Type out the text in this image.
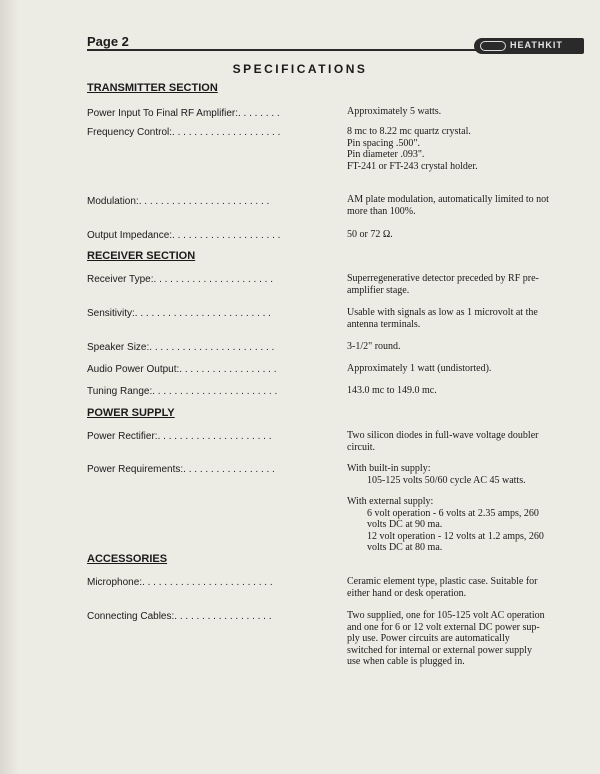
Page 2	HEATHKIT
SPECIFICATIONS
TRANSMITTER SECTION
Power Input To Final RF Amplifier:. . . . . . . .	Approximately 5 watts.
Frequency Control:. . . . . . . . . . . . . . . . . . . .	8 mc to 8.22 mc quartz crystal.
Pin spacing .500".
Pin diameter .093".
FT-241 or FT-243 crystal holder.
Modulation:. . . . . . . . . . . . . . . . . . . . . . . .	AM plate modulation, automatically limited to not
more than 100%.
Output Impedance:. . . . . . . . . . . . . . . . . . . .	50 or 72 Ω.
RECEIVER SECTION
Receiver Type:. . . . . . . . . . . . . . . . . . . . . .	Superregenerative detector preceded by RF pre-
amplifier stage.
Sensitivity:. . . . . . . . . . . . . . . . . . . . . . . . .	Usable with signals as low as 1 microvolt at the
antenna terminals.
Speaker Size:. . . . . . . . . . . . . . . . . . . . . . .	3-1/2" round.
Audio Power Output:. . . . . . . . . . . . . . . . . .	Approximately 1 watt (undistorted).
Tuning Range:. . . . . . . . . . . . . . . . . . . . . . .	143.0 mc to 149.0 mc.
POWER SUPPLY
Power Rectifier:. . . . . . . . . . . . . . . . . . . . .	Two silicon diodes in full-wave voltage doubler
circuit.
Power Requirements:. . . . . . . . . . . . . . . . .	With built-in supply:
105-125 volts 50/60 cycle AC 45 watts.
With external supply:
6 volt operation - 6 volts at 2.35 amps, 260
volts DC at 90 ma.
12 volt operation - 12 volts at 1.2 amps, 260
volts DC at 80 ma.
ACCESSORIES
Microphone:. . . . . . . . . . . . . . . . . . . . . . . .	Ceramic element type, plastic case. Suitable for
either hand or desk operation.
Connecting Cables:. . . . . . . . . . . . . . . . . .	Two supplied, one for 105-125 volt AC operation
and one for 6 or 12 volt external DC power sup-
ply use. Power circuits are automatically
switched for internal or external power supply
use when cable is plugged in.
